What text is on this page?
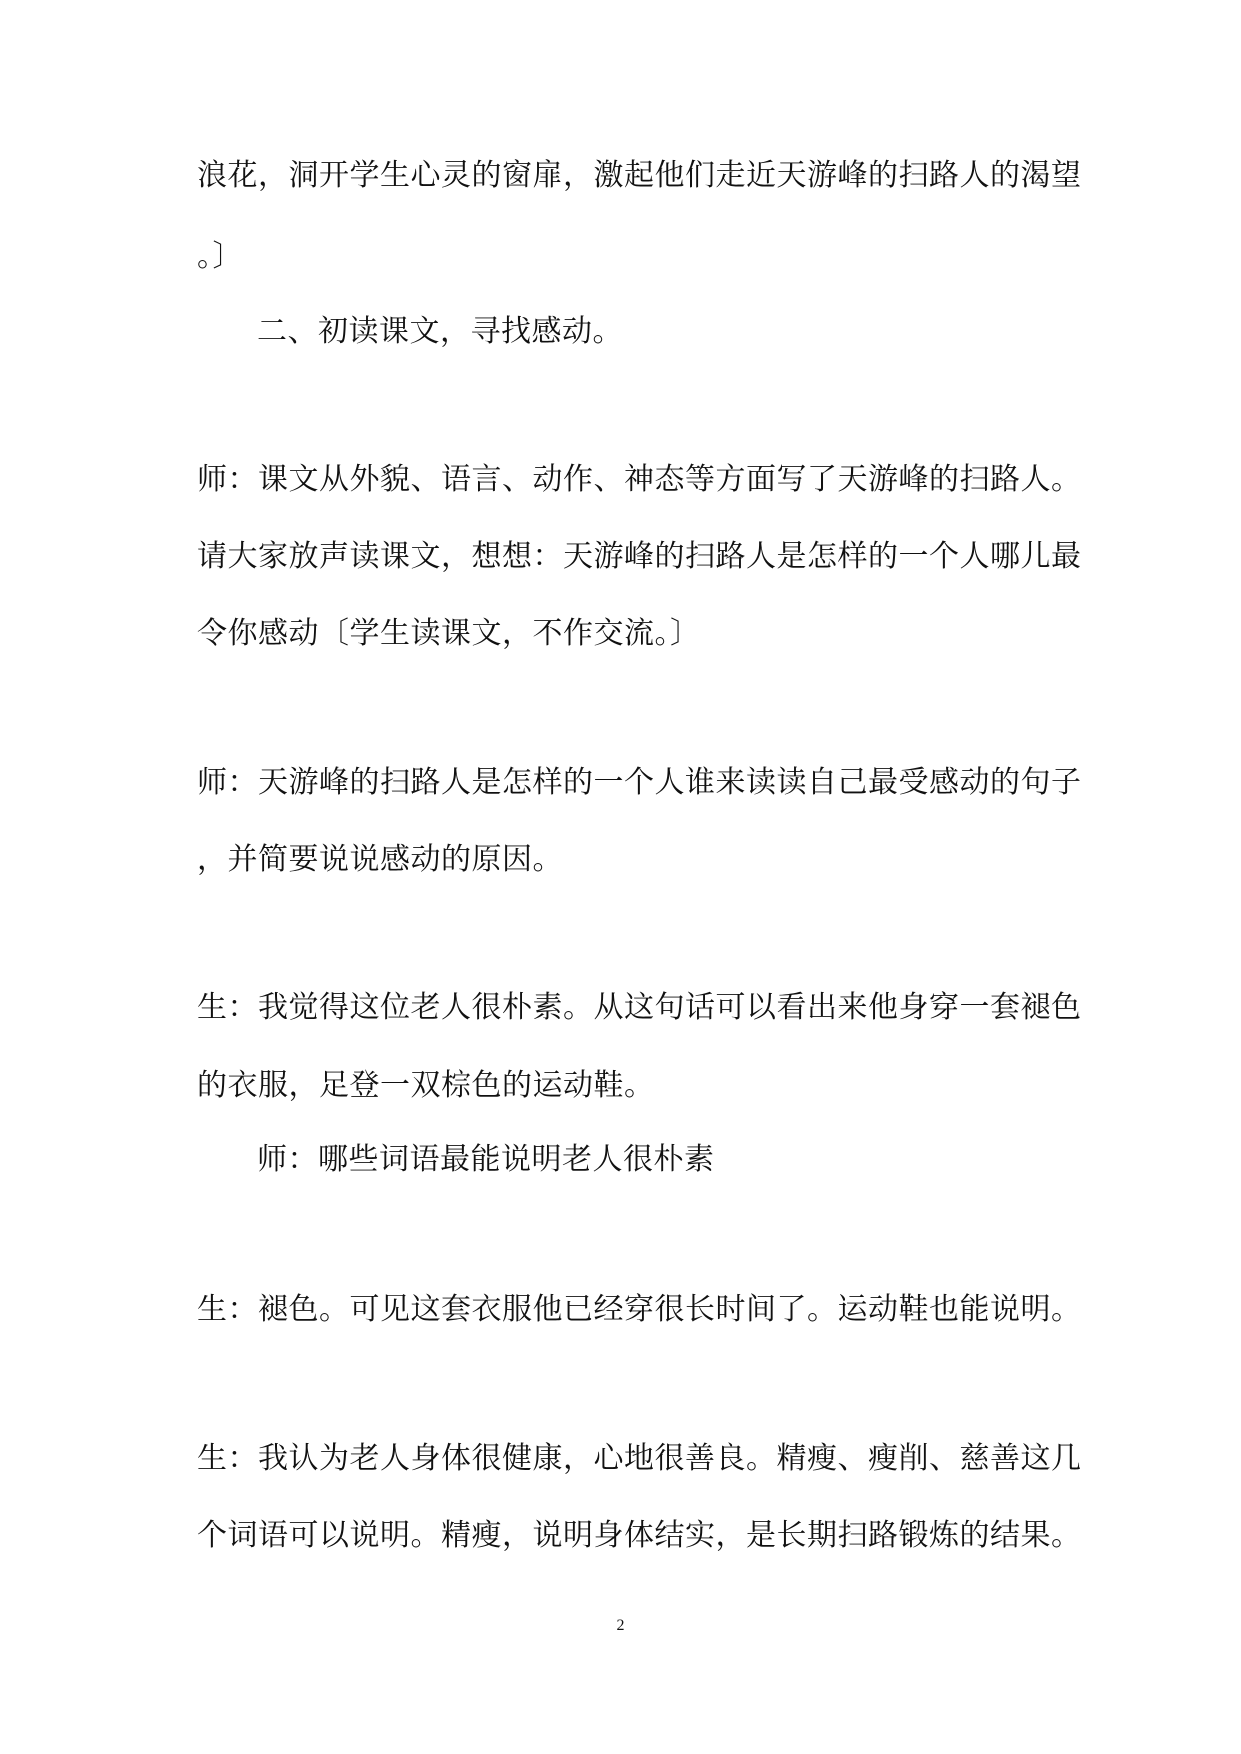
浪花，洞开学生心灵的窗扉，激起他们走近天游峰的扫路人的渴望
。〕
二、初读课文，寻找感动。
师：课文从外貌、语言、动作、神态等方面写了天游峰的扫路人。
请大家放声读课文，想想：天游峰的扫路人是怎样的一个人哪儿最
令你感动〔学生读课文，不作交流。〕
师：天游峰的扫路人是怎样的一个人谁来读读自己最受感动的句子
，并简要说说感动的原因。
生：我觉得这位老人很朴素。从这句话可以看出来他身穿一套褪色
的衣服，足登一双棕色的运动鞋。
师：哪些词语最能说明老人很朴素
生：褪色。可见这套衣服他已经穿很长时间了。运动鞋也能说明。
生：我认为老人身体很健康，心地很善良。精瘦、瘦削、慈善这几
个词语可以说明。精瘦，说明身体结实，是长期扫路锻炼的结果。
2
